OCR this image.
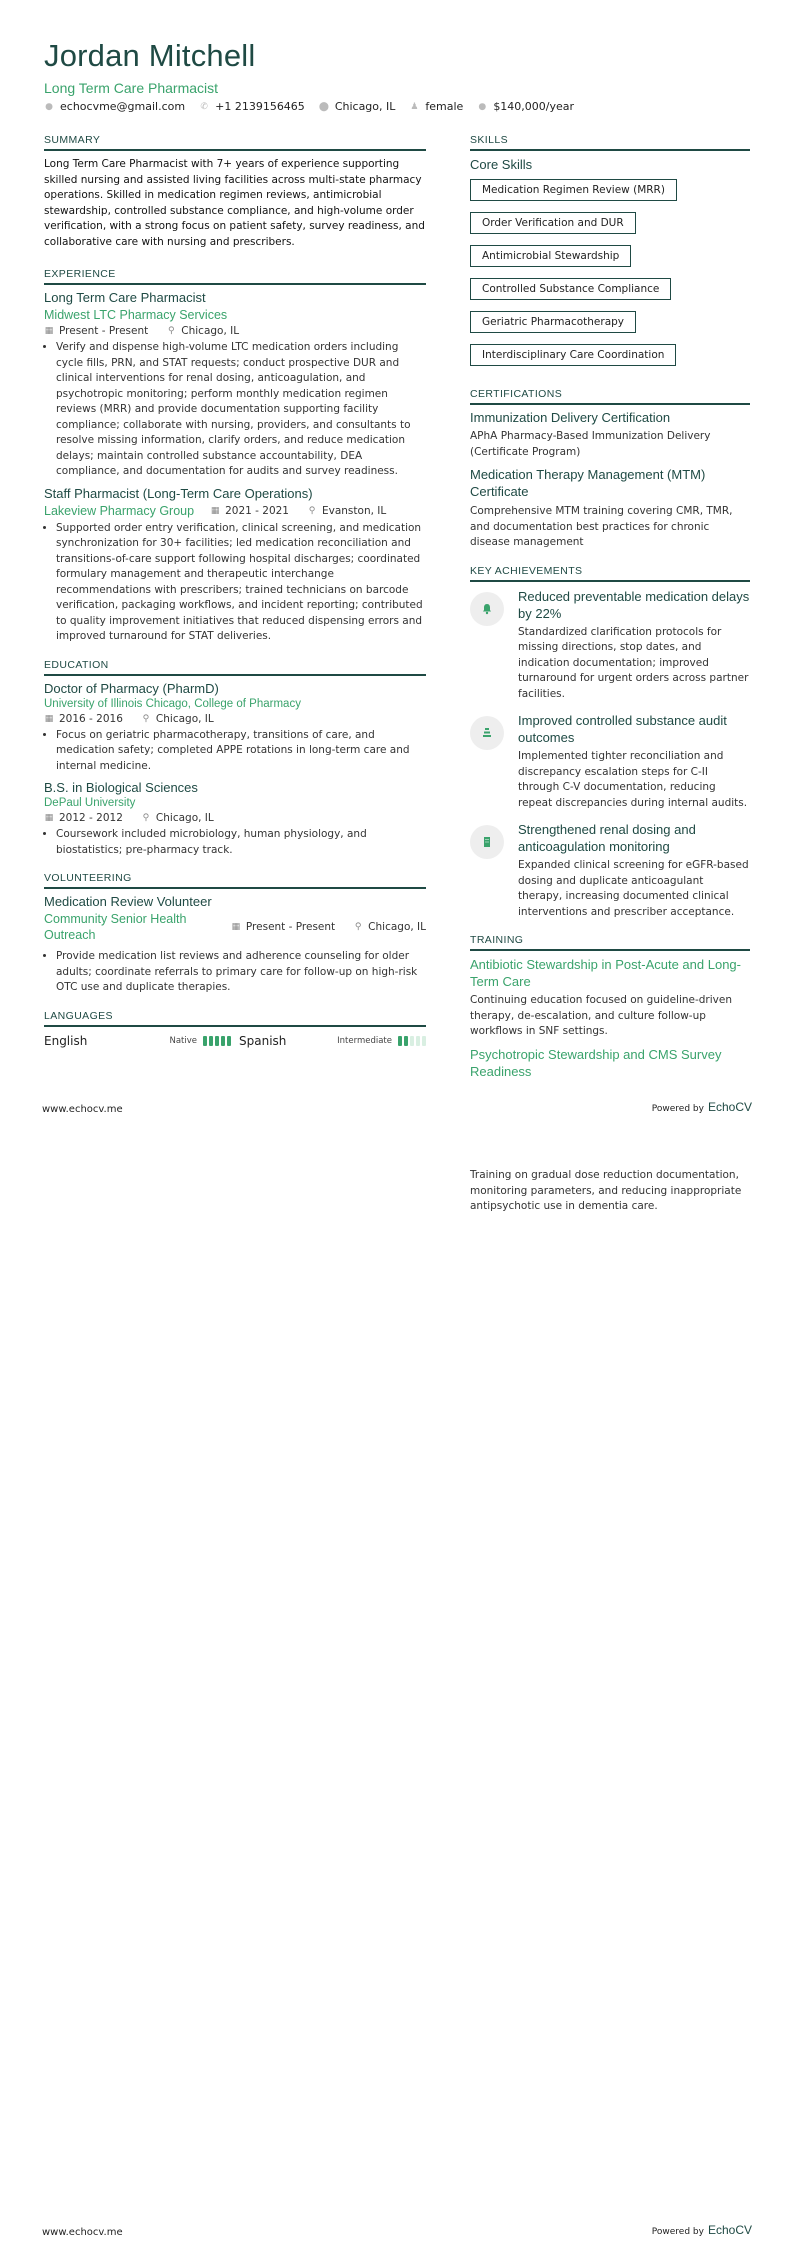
Jordan Mitchell
Long Term Care Pharmacist
● echocvme@gmail.com ✆ +1 2139156465 ⬤ Chicago, IL ♟ female ● $140,000/year
SUMMARY
Long Term Care Pharmacist with 7+ years of experience supporting skilled nursing and assisted living facilities across multi-state pharmacy operations. Skilled in medication regimen reviews, antimicrobial stewardship, controlled substance compliance, and high-volume order verification, with a strong focus on patient safety, survey readiness, and collaborative care with nursing and prescribers.
EXPERIENCE
Long Term Care Pharmacist
Midwest LTC Pharmacy Services
▦ Present - Present ⚲ Chicago, IL
• Verify and dispense high-volume LTC medication orders including cycle fills, PRN, and STAT requests; conduct prospective DUR and clinical interventions for renal dosing, anticoagulation, and psychotropic monitoring; perform monthly medication regimen reviews (MRR) and provide documentation supporting facility compliance; collaborate with nursing, providers, and consultants to resolve missing information, clarify orders, and reduce medication delays; maintain controlled substance accountability, DEA compliance, and documentation for audits and survey readiness.
Staff Pharmacist (Long-Term Care Operations)
Lakeview Pharmacy Group ▦ 2021 - 2021 ⚲ Evanston, IL
• Supported order entry verification, clinical screening, and medication synchronization for 30+ facilities; led medication reconciliation and transitions-of-care support following hospital discharges; coordinated formulary management and therapeutic interchange recommendations with prescribers; trained technicians on barcode verification, packaging workflows, and incident reporting; contributed to quality improvement initiatives that reduced dispensing errors and improved turnaround for STAT deliveries.
EDUCATION
Doctor of Pharmacy (PharmD)
University of Illinois Chicago, College of Pharmacy
▦ 2016 - 2016 ⚲ Chicago, IL
• Focus on geriatric pharmacotherapy, transitions of care, and medication safety; completed APPE rotations in long-term care and internal medicine.
B.S. in Biological Sciences
DePaul University
▦ 2012 - 2012 ⚲ Chicago, IL
• Coursework included microbiology, human physiology, and biostatistics; pre-pharmacy track.
VOLUNTEERING
Medication Review Volunteer
Community Senior Health Outreach
▦ Present - Present ⚲ Chicago, IL
• Provide medication list reviews and adherence counseling for older adults; coordinate referrals to primary care for follow-up on high-risk OTC use and duplicate therapies.
LANGUAGES
English	Native	Spanish	Intermediate
SKILLS
Core Skills
Medication Regimen Review (MRR)
Order Verification and DUR
Antimicrobial Stewardship
Controlled Substance Compliance
Geriatric Pharmacotherapy
Interdisciplinary Care Coordination
CERTIFICATIONS
Immunization Delivery Certification
APhA Pharmacy-Based Immunization Delivery (Certificate Program)
Medication Therapy Management (MTM) Certificate
Comprehensive MTM training covering CMR, TMR, and documentation best practices for chronic disease management
KEY ACHIEVEMENTS
Reduced preventable medication delays by 22%
Standardized clarification protocols for missing directions, stop dates, and indication documentation; improved turnaround for urgent orders across partner facilities.
Improved controlled substance audit outcomes
Implemented tighter reconciliation and discrepancy escalation steps for C-II through C-V documentation, reducing repeat discrepancies during internal audits.
Strengthened renal dosing and anticoagulation monitoring
Expanded clinical screening for eGFR-based dosing and duplicate anticoagulant therapy, increasing documented clinical interventions and prescriber acceptance.
TRAINING
Antibiotic Stewardship in Post-Acute and Long-Term Care
Continuing education focused on guideline-driven therapy, de-escalation, and culture follow-up workflows in SNF settings.
Psychotropic Stewardship and CMS Survey Readiness
www.echocv.me	Powered by EchoCV
Training on gradual dose reduction documentation, monitoring parameters, and reducing inappropriate antipsychotic use in dementia care.
www.echocv.me	Powered by EchoCV
